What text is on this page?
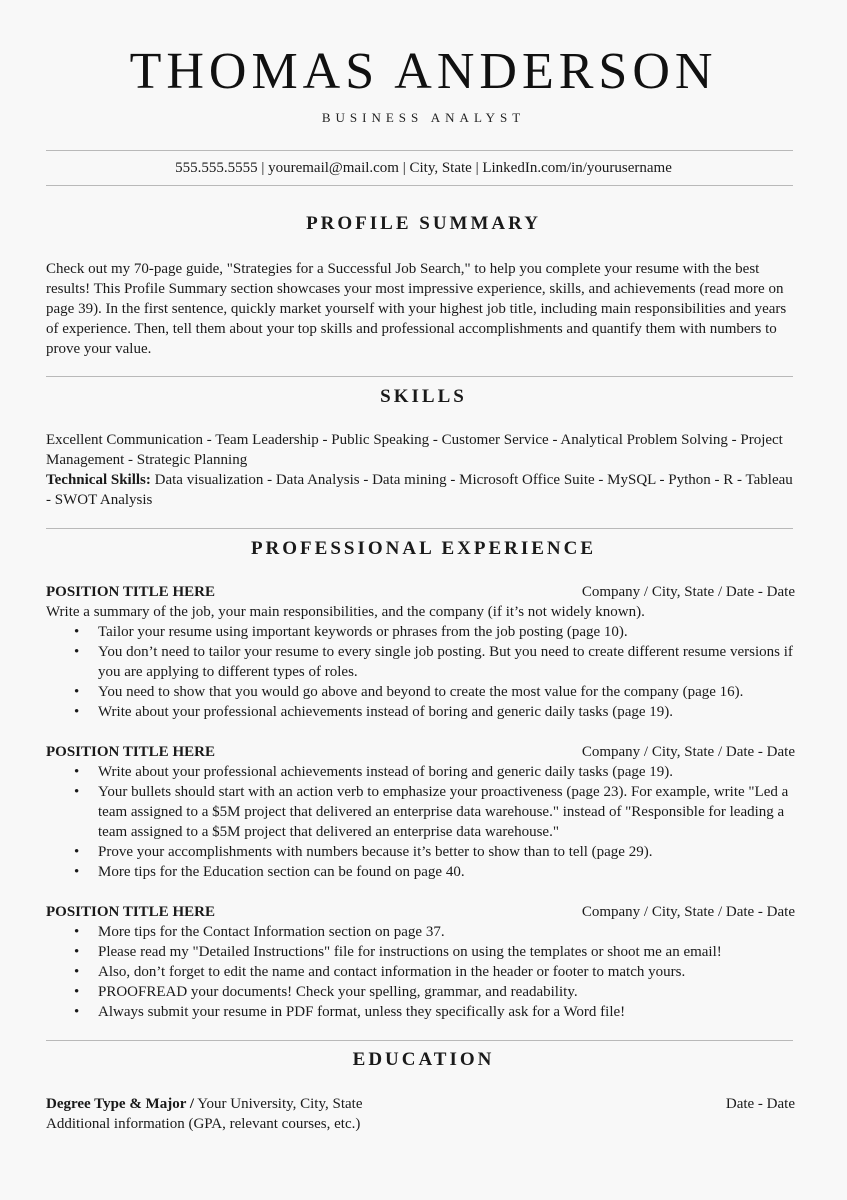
THOMAS ANDERSON
BUSINESS ANALYST
555.555.5555 | youremail@mail.com | City, State | LinkedIn.com/in/yourusername
PROFILE SUMMARY

Check out my 70-page guide, "Strategies for a Successful Job Search," to help you complete your resume with the best results! This Profile Summary section showcases your most impressive experience, skills, and achievements (read more on page 39). In the first sentence, quickly market yourself with your highest job title, including main responsibilities and years of experience. Then, tell them about your top skills and professional accomplishments and quantify them with numbers to prove your value.

SKILLS

Excellent Communication - Team Leadership - Public Speaking - Customer Service - Analytical Problem Solving - Project Management - Strategic Planning

Technical Skills: Data visualization - Data Analysis - Data mining - Microsoft Office Suite - MySQL - Python - R - Tableau - SWOT Analysis

PROFESSIONAL EXPERIENCE
POSITION TITLE HERE	Company / City, State / Date - Date

Write a summary of the job, your main responsibilities, and the company (if it’s not widely known).

• Tailor your resume using important keywords or phrases from the job posting (page 10).
• You don’t need to tailor your resume to every single job posting. But you need to create different resume versions if you are applying to different types of roles.
• You need to show that you would go above and beyond to create the most value for the company (page 16).
• Write about your professional achievements instead of boring and generic daily tasks (page 19).
POSITION TITLE HERE	Company / City, State / Date - Date
• Write about your professional achievements instead of boring and generic daily tasks (page 19).
• Your bullets should start with an action verb to emphasize your proactiveness (page 23). For example, write "Led a team assigned to a $5M project that delivered an enterprise data warehouse." instead of "Responsible for leading a team assigned to a $5M project that delivered an enterprise data warehouse."
• Prove your accomplishments with numbers because it’s better to show than to tell (page 29).
• More tips for the Education section can be found on page 40.
POSITION TITLE HERE	Company / City, State / Date - Date
• More tips for the Contact Information section on page 37.
• Please read my "Detailed Instructions" file for instructions on using the templates or shoot me an email!
• Also, don’t forget to edit the name and contact information in the header or footer to match yours.
• PROOFREAD your documents! Check your spelling, grammar, and readability.
• Always submit your resume in PDF format, unless they specifically ask for a Word file!
EDUCATION
Degree Type & Major / Your University, City, State	Date - Date

Additional information (GPA, relevant courses, etc.)
